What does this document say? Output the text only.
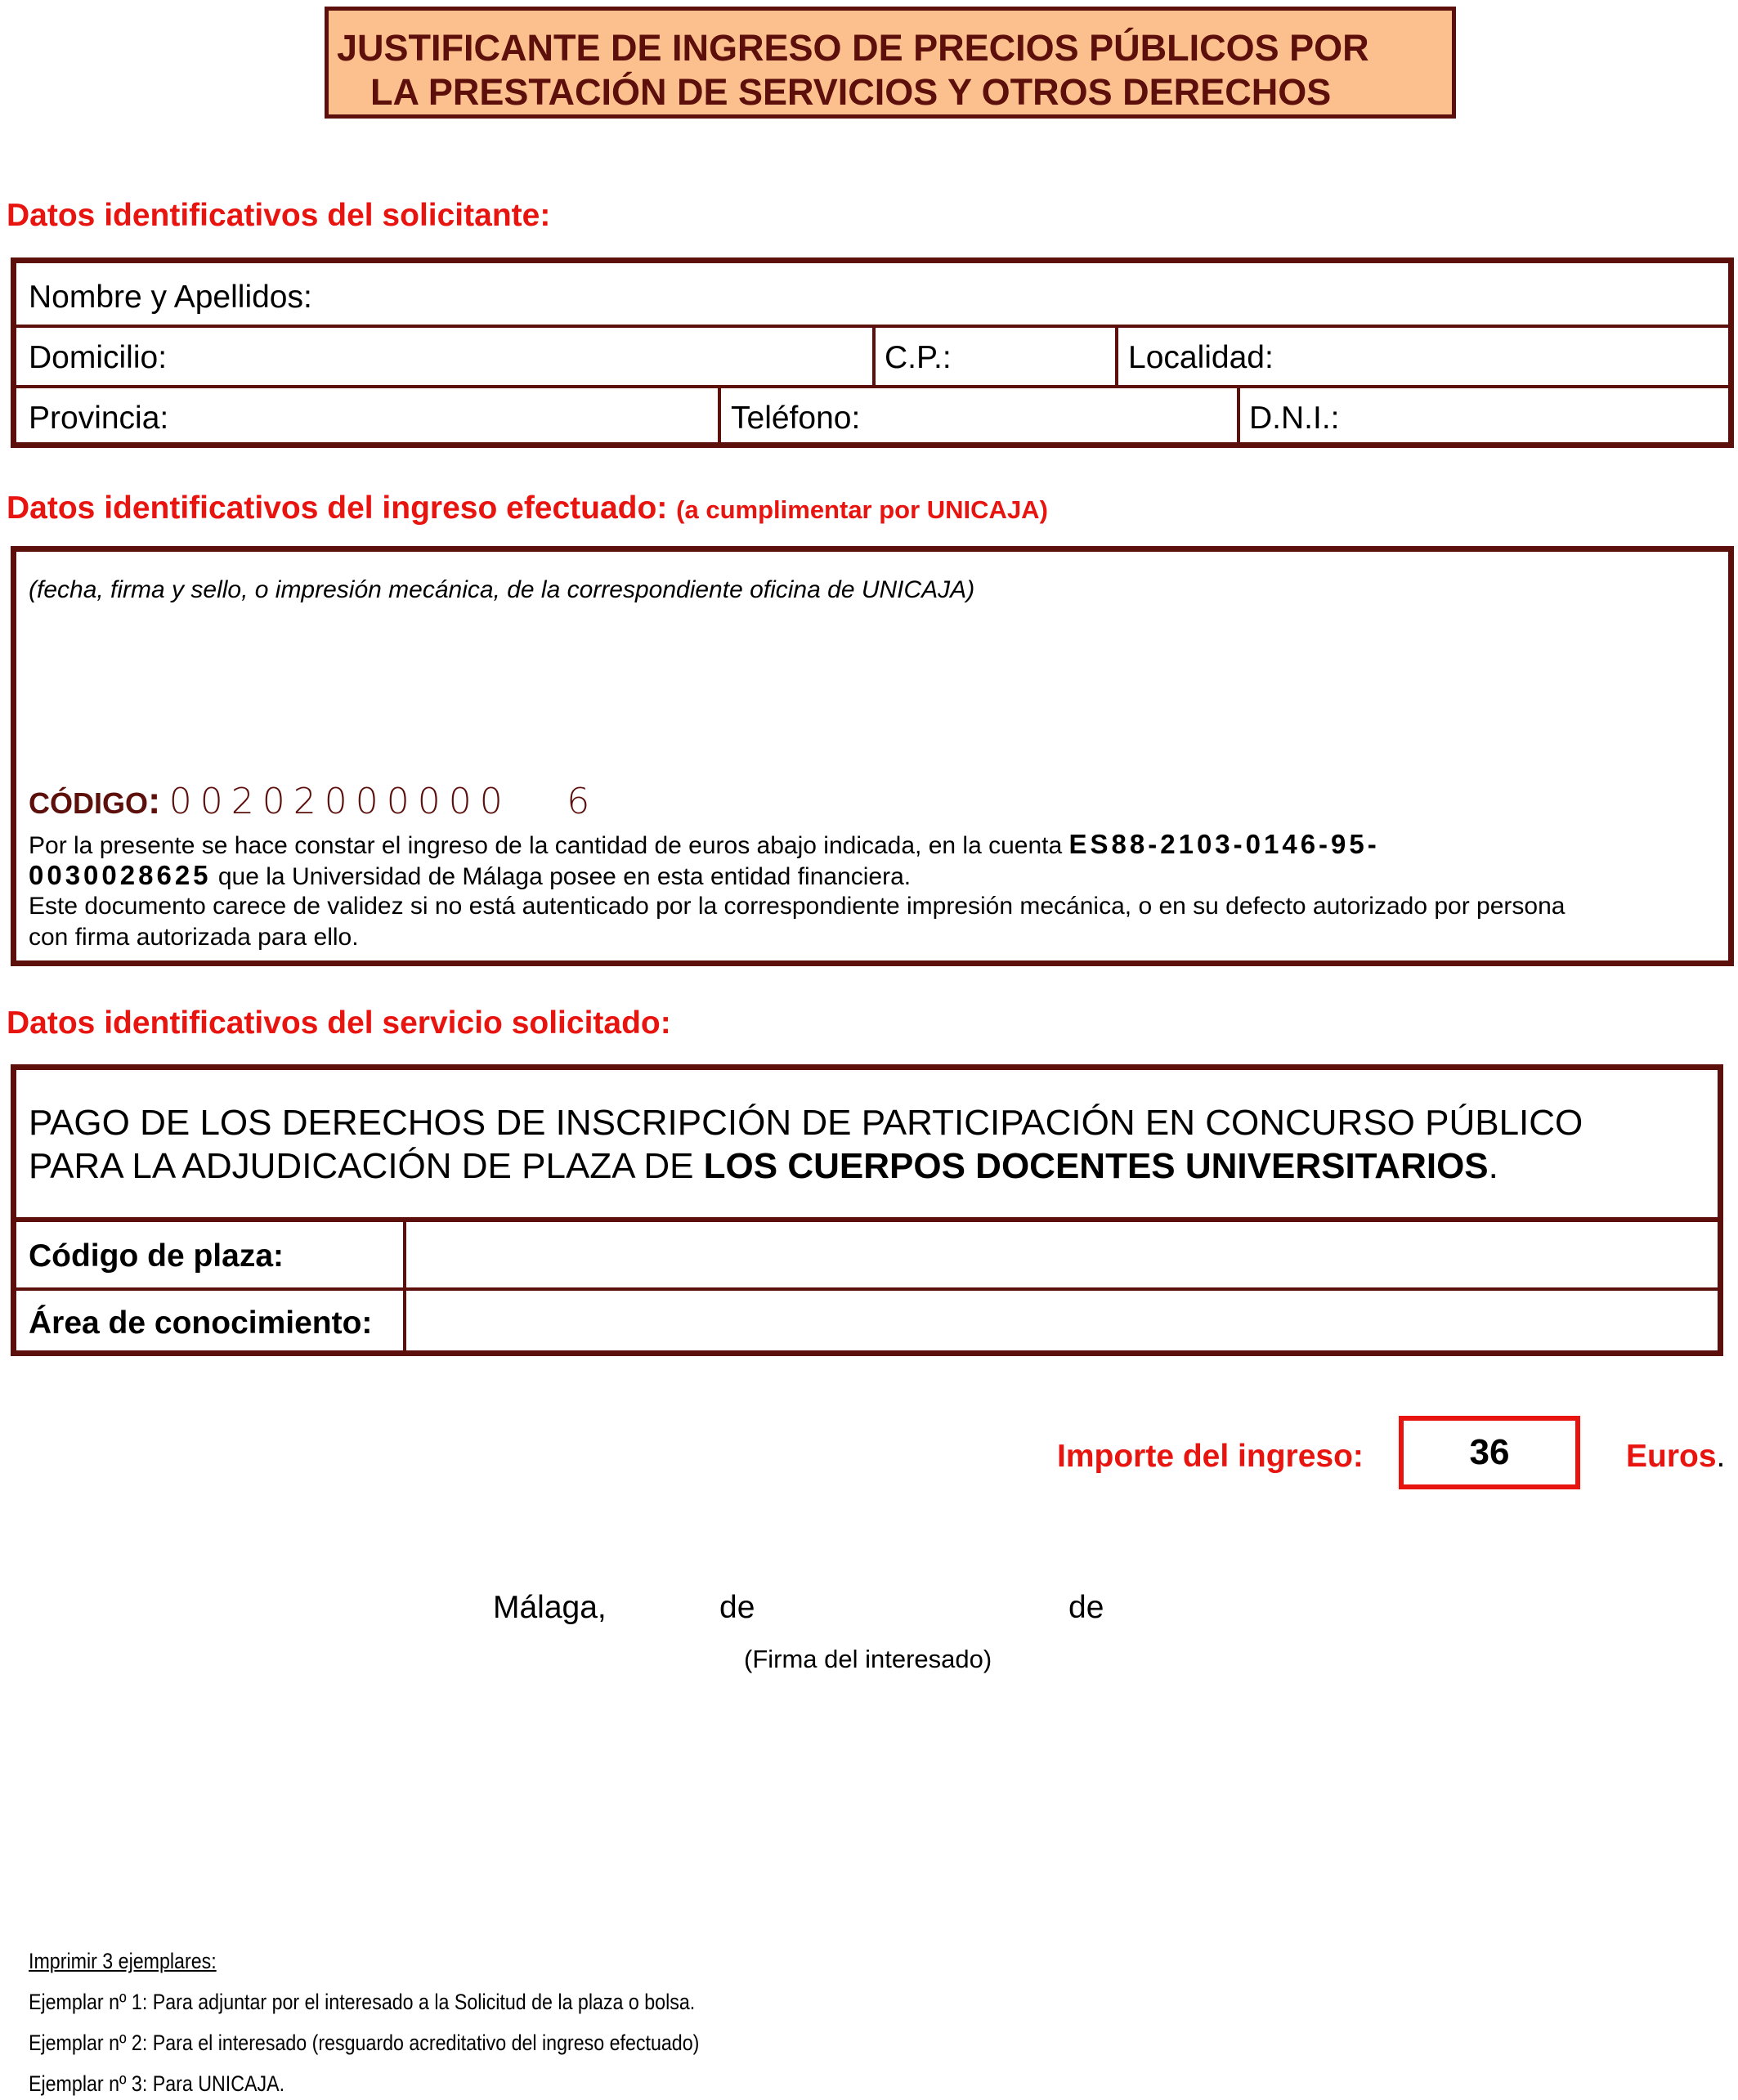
JUSTIFICANTE DE INGRESO DE PRECIOS PÚBLICOS POR
LA PRESTACIÓN DE SERVICIOS Y OTROS DERECHOS
Datos identificativos del solicitante:
Nombre y Apellidos:
Domicilio:	C.P.:	Localidad:
Provincia:	Teléfono:	D.N.I.:
Datos identificativos del ingreso efectuado: (a cumplimentar por UNICAJA)
(fecha, firma y sello, o impresión mecánica, de la correspondiente oficina de UNICAJA)
CÓDIGO: 00202000000 6
Por la presente se hace constar el ingreso de la cantidad de euros abajo indicada, en la cuenta ES88-2103-0146-95-
0030028625 que la Universidad de Málaga posee en esta entidad financiera.
Este documento carece de validez si no está autenticado por la correspondiente impresión mecánica, o en su defecto autorizado por persona
con firma autorizada para ello.
Datos identificativos del servicio solicitado:
PAGO DE LOS DERECHOS DE INSCRIPCIÓN DE PARTICIPACIÓN EN CONCURSO PÚBLICO
PARA LA ADJUDICACIÓN DE PLAZA DE LOS CUERPOS DOCENTES UNIVERSITARIOS.
Código de plaza:
Área de conocimiento:
Importe del ingreso:	36	Euros.
Málaga,	de	de
(Firma del interesado)
Imprimir 3 ejemplares:
Ejemplar nº 1: Para adjuntar por el interesado a la Solicitud de la plaza o bolsa.
Ejemplar nº 2: Para el interesado (resguardo acreditativo del ingreso efectuado)
Ejemplar nº 3: Para UNICAJA.
